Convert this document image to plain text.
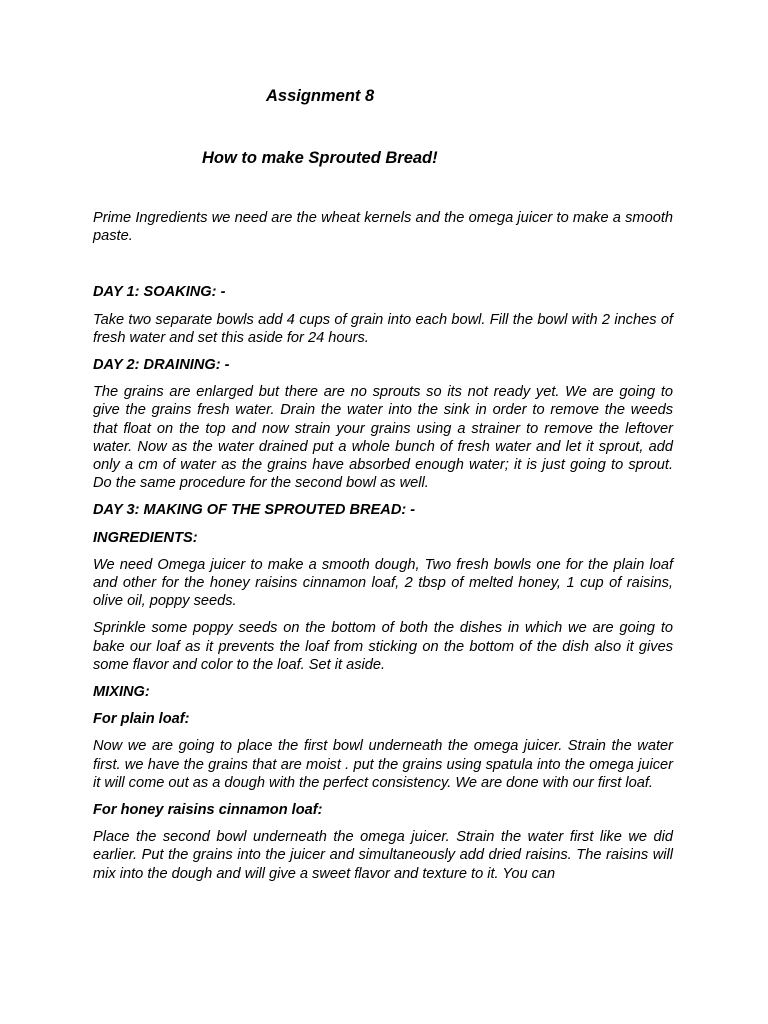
Assignment 8
How to make Sprouted Bread!

Prime Ingredients we need are the wheat kernels and the omega juicer to make a smooth paste.

DAY 1: SOAKING: -

Take two separate bowls add 4 cups of grain into each bowl. Fill the bowl with 2 inches of fresh water and set this aside for 24 hours.

DAY 2: DRAINING: -

The grains are enlarged but there are no sprouts so its not ready yet. We are going to give the grains fresh water. Drain the water into the sink in order to remove the weeds that float on the top and now strain your grains using a strainer to remove the leftover water. Now as the water drained put a whole bunch of fresh water and let it sprout, add only a cm of water as the grains have absorbed enough water; it is just going to sprout. Do the same procedure for the second bowl as well.

DAY 3: MAKING OF THE SPROUTED BREAD: -

INGREDIENTS:

We need Omega juicer to make a smooth dough, Two fresh bowls one for the plain loaf and other for the honey raisins cinnamon loaf, 2 tbsp of melted honey, 1 cup of raisins, olive oil, poppy seeds.

Sprinkle some poppy seeds on the bottom of both the dishes in which we are going to bake our loaf as it prevents the loaf from sticking on the bottom of the dish also it gives some flavor and color to the loaf. Set it aside.

MIXING:

For plain loaf:

Now we are going to place the first bowl underneath the omega juicer. Strain the water first. we have the grains that are moist . put the grains using spatula into the omega juicer it will come out as a dough with the perfect consistency. We are done with our first loaf.

For honey raisins cinnamon loaf:

Place the second bowl underneath the omega juicer. Strain the water first like we did earlier. Put the grains into the juicer and simultaneously add dried raisins. The raisins will mix into the dough and will give a sweet flavor and texture to it. You can
